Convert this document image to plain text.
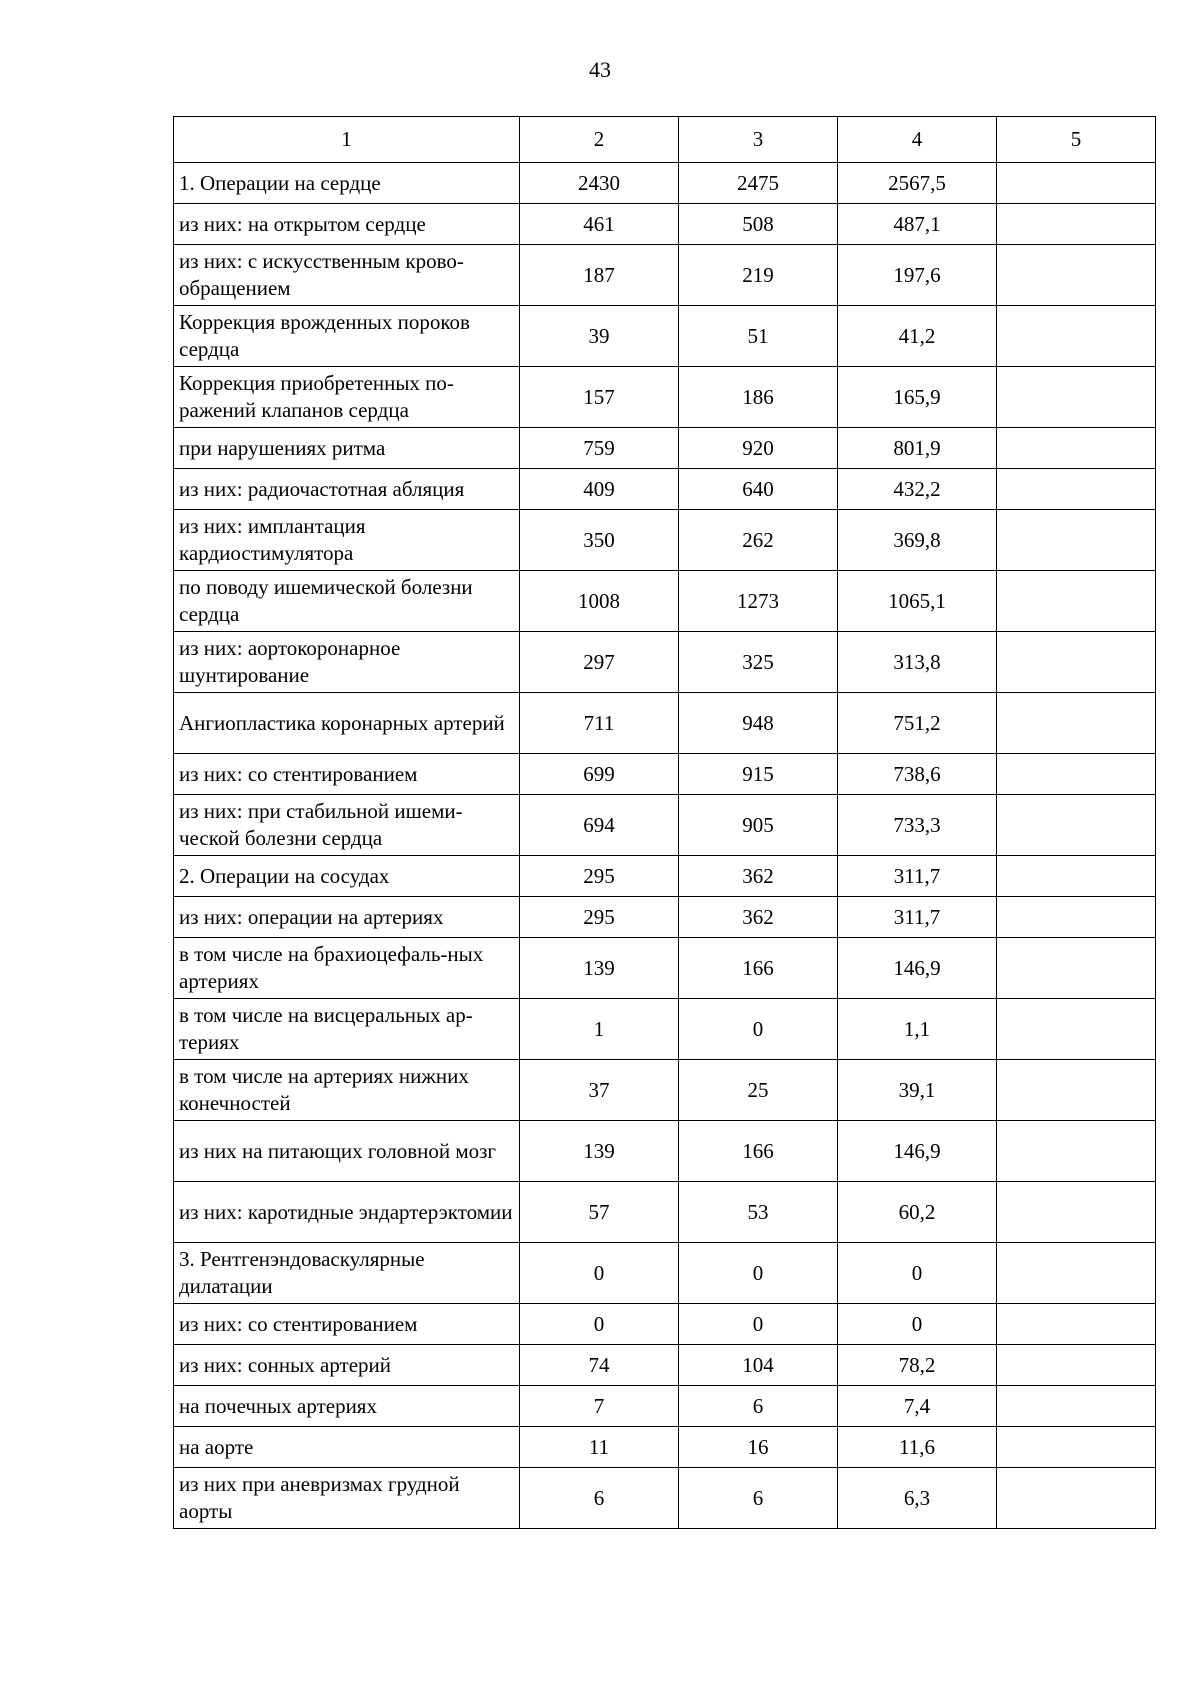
43
1	2	3	4	5
1. Операции на сердце	2430	2475	2567,5	
из них: на открытом сердце	461	508	487,1	
из них: с искусственным крово-обращением	187	219	197,6	
Коррекция врожденных пороков сердца	39	51	41,2	
Коррекция приобретенных по-ражений клапанов сердца	157	186	165,9	
при нарушениях ритма	759	920	801,9	
из них: радиочастотная абляция	409	640	432,2	
из них: имплантация кардиостимулятора	350	262	369,8	
по поводу ишемической болезни сердца	1008	1273	1065,1	
из них: аортокоронарное шунтирование	297	325	313,8	
Ангиопластика коронарных артерий	711	948	751,2	
из них: со стентированием	699	915	738,6	
из них: при стабильной ишеми-ческой болезни сердца	694	905	733,3	
2. Операции на сосудах	295	362	311,7	
из них: операции на артериях	295	362	311,7	
в том числе на брахиоцефаль-ных артериях	139	166	146,9	
в том числе на висцеральных ар-териях	1	0	1,1	
в том числе на артериях нижних конечностей	37	25	39,1	
из них на питающих головной мозг	139	166	146,9	
из них: каротидные эндартерэктомии	57	53	60,2	
3. Рентгенэндоваскулярные дилатации	0	0	0	
из них: со стентированием	0	0	0	
из них: сонных артерий	74	104	78,2	
на почечных артериях	7	6	7,4	
на аорте	11	16	11,6	
из них при аневризмах грудной аорты	6	6	6,3	
